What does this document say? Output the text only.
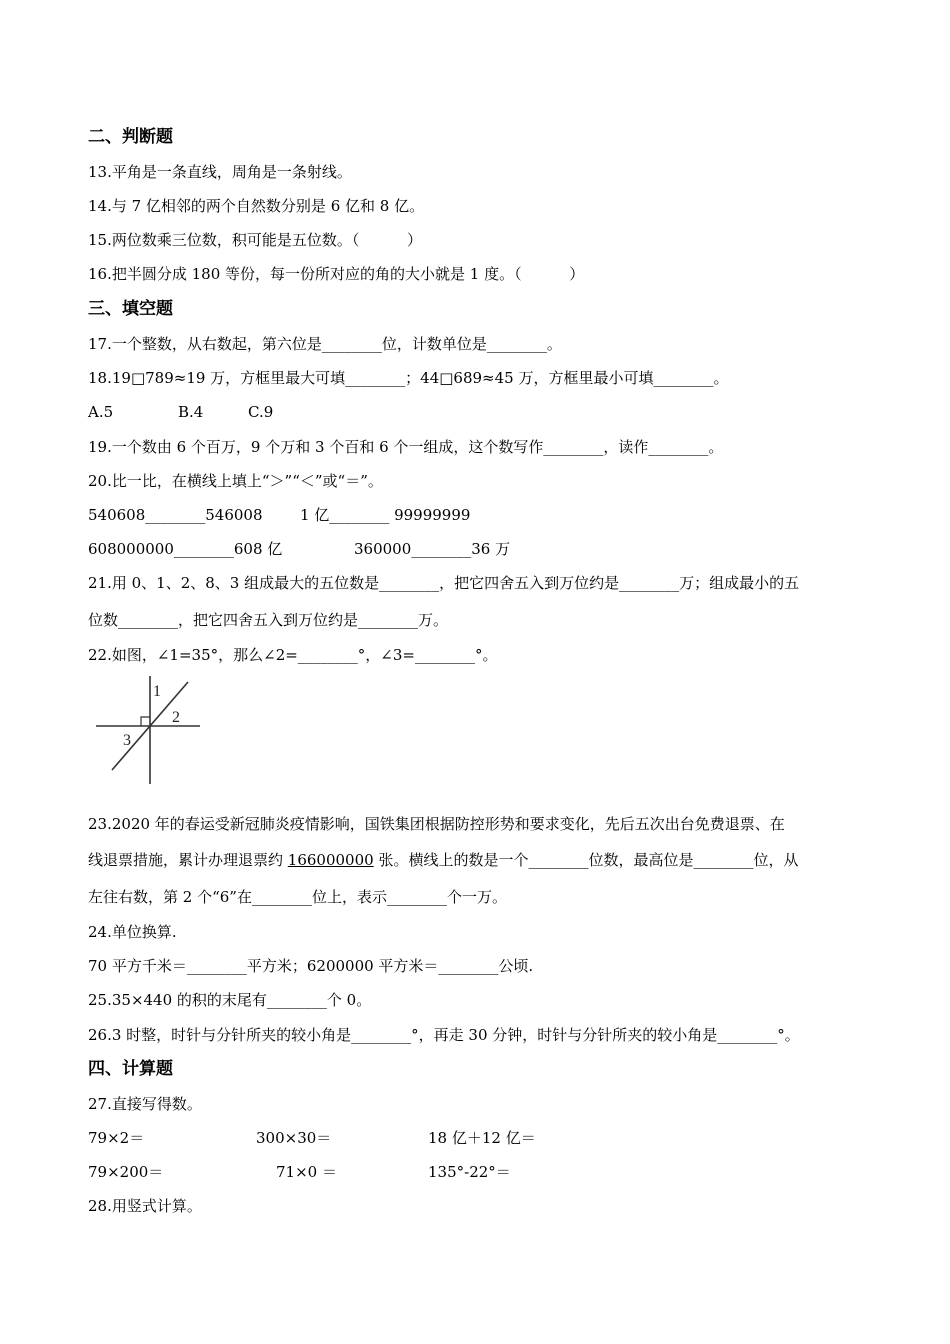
二、判断题
13.平角是一条直线，周角是一条射线。
14.与 7 亿相邻的两个自然数分别是 6 亿和 8 亿。
15.两位数乘三位数，积可能是五位数。（          ）
16.把半圆分成 180 等份，每一份所对应的角的大小就是 1 度。（          ）
三、填空题
17.一个整数，从右数起，第六位是________位，计数单位是________。
18.19□789≈19 万，方框里最大可填________；44□689≈45 万，方框里最小可填________。
A.5	B.4	C.9
19.一个数由 6 个百万，9 个万和 3 个百和 6 个一组成，这个数写作________，读作________。
20.比一比，在横线上填上“＞”“＜”或“＝”。
540608________546008 1 亿________ 99999999
608000000________608 亿	360000________36 万
21.用 0、1、2、8、3 组成最大的五位数是________，把它四舍五入到万位约是________万；组成最小的五
位数________，把它四舍五入到万位约是________万。
22.如图，∠1=35°，那么∠2=________°，∠3=________°。
1
2
3
23.2020 年的春运受新冠肺炎疫情影响，国铁集团根据防控形势和要求变化，先后五次出台免费退票、在
线退票措施，累计办理退票约 166000000 张。横线上的数是一个________位数，最高位是________位，从
左往右数，第 2 个“6”在________位上，表示________个一万。
24.单位换算.
70 平方千米＝________平方米；6200000 平方米＝________公顷.
25.35×440 的积的末尾有________个 0。
26.3 时整，时针与分针所夹的较小角是________°，再走 30 分钟，时针与分针所夹的较小角是________°。
四、计算题
27.直接写得数。
79×2＝	300×30＝	18 亿＋12 亿＝
79×200＝	71×0 ＝	135°-22°＝
28.用竖式计算。
